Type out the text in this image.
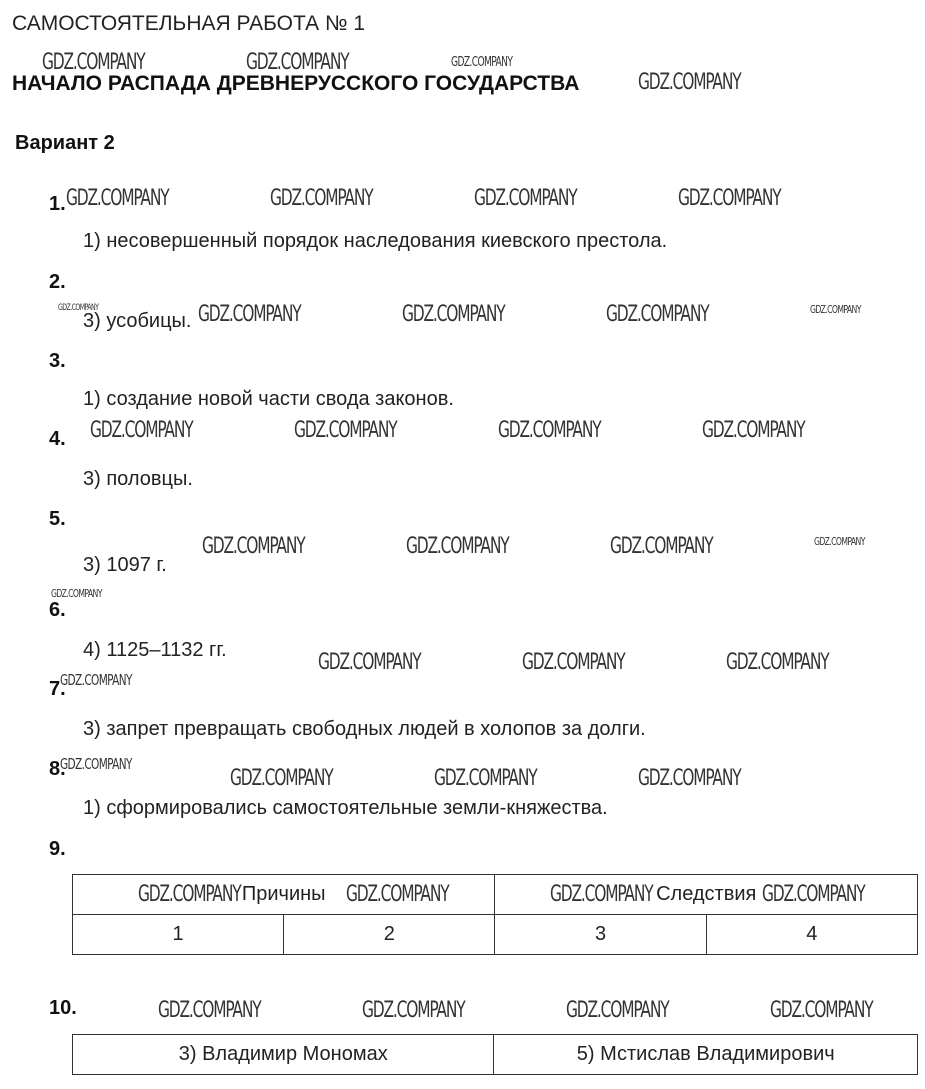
САМОСТОЯТЕЛЬНАЯ РАБОТА № 1
НАЧАЛО РАСПАДА ДРЕВНЕРУССКОГО ГОСУДАРСТВА
Вариант 2
1.
1) несовершенный порядок наследования киевского престола.
2.
3) усобицы.
3.
1) создание новой части свода законов.
4.
3) половцы.
5.
3) 1097 г.
6.
4) 1125–1132 гг.
7.
3) запрет превращать свободных людей в холопов за долги.
8.
1) сформировались самостоятельные земли-княжества.
9.
Причины		Следствия	
1	2	3	4
10.
3) Владимир Мономах	5) Мстислав Владимирович
GDZ.COMPANY	GDZ.COMPANY	GDZ.COMPANY
GDZ.COMPANY
GDZ.COMPANY	GDZ.COMPANY	GDZ.COMPANY	GDZ.COMPANY
GDZ.COMPANY	GDZ.COMPANY	GDZ.COMPANY	GDZ.COMPANY	GDZ.COMPANY
GDZ.COMPANY	GDZ.COMPANY	GDZ.COMPANY	GDZ.COMPANY
GDZ.COMPANY	GDZ.COMPANY	GDZ.COMPANY	GDZ.COMPANY
GDZ.COMPANY
GDZ.COMPANY	GDZ.COMPANY	GDZ.COMPANY
GDZ.COMPANY
GDZ.COMPANY
GDZ.COMPANY	GDZ.COMPANY	GDZ.COMPANY
GDZ.COMPANY	GDZ.COMPANY	GDZ.COMPANY	GDZ.COMPANY
GDZ.COMPANY	GDZ.COMPANY	GDZ.COMPANY	GDZ.COMPANY
